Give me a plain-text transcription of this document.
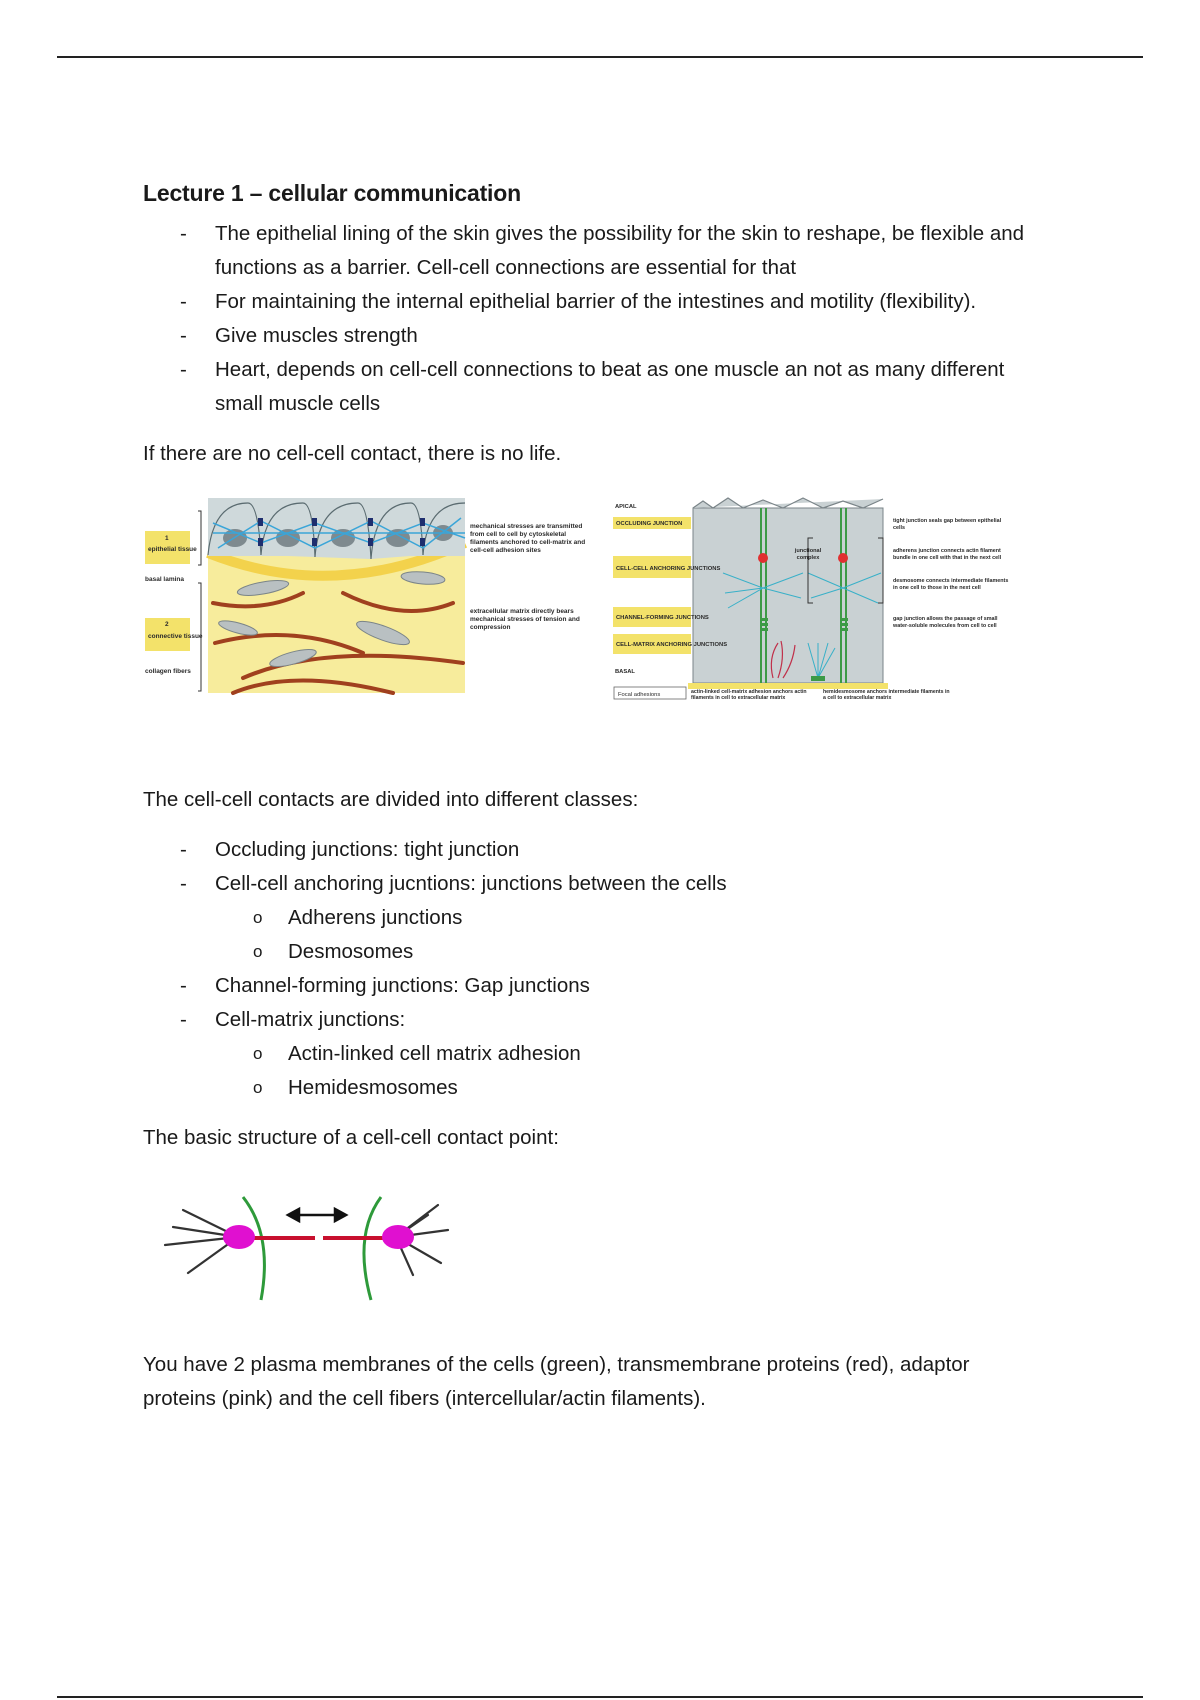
Lecture 1 – cellular communication
- The epithelial lining of the skin gives the possibility for the skin to reshape, be flexible and functions as a barrier. Cell-cell connections are essential for that
- For maintaining the internal epithelial barrier of the intestines and motility (flexibility).
- Give muscles strength
- Heart, depends on cell-cell connections to beat as one muscle an not as many different small muscle cells

If there are no cell-cell contact, there is no life.

1
epithelial tissue
basal lamina
2
connective tissue
collagen fibers
mechanical stresses are transmitted from cell to cell by cytoskeletal filaments anchored to cell-matrix and cell-cell adhesion sites
extracellular matrix directly bears mechanical stresses of tension and compression
APICAL
OCCLUDING JUNCTION
CELL-CELL ANCHORING JUNCTIONS
CHANNEL-FORMING JUNCTIONS
CELL-MATRIX ANCHORING JUNCTIONS
BASAL
Focal adhesions
junctional complex
tight junction seals gap between epithelial cells
adherens junction connects actin filament bundle in one cell with that in the next cell
desmosome connects intermediate filaments in one cell to those in the next cell
gap junction allows the passage of small water-soluble molecules from cell to cell
actin-linked cell-matrix adhesion anchors actin filaments in cell to extracellular matrix
hemidesmosome anchors intermediate filaments in a cell to extracellular matrix

The cell-cell contacts are divided into different classes:

- Occluding junctions: tight junction
- Cell-cell anchoring jucntions: junctions between the cells
o Adherens junctions
o Desmosomes
- Channel-forming junctions: Gap junctions
- Cell-matrix junctions:
o Actin-linked cell matrix adhesion
o Hemidesmosomes

The basic structure of a cell-cell contact point:

You have 2 plasma membranes of the cells (green), transmembrane proteins (red), adaptor proteins (pink) and the cell fibers (intercellular/actin filaments).
